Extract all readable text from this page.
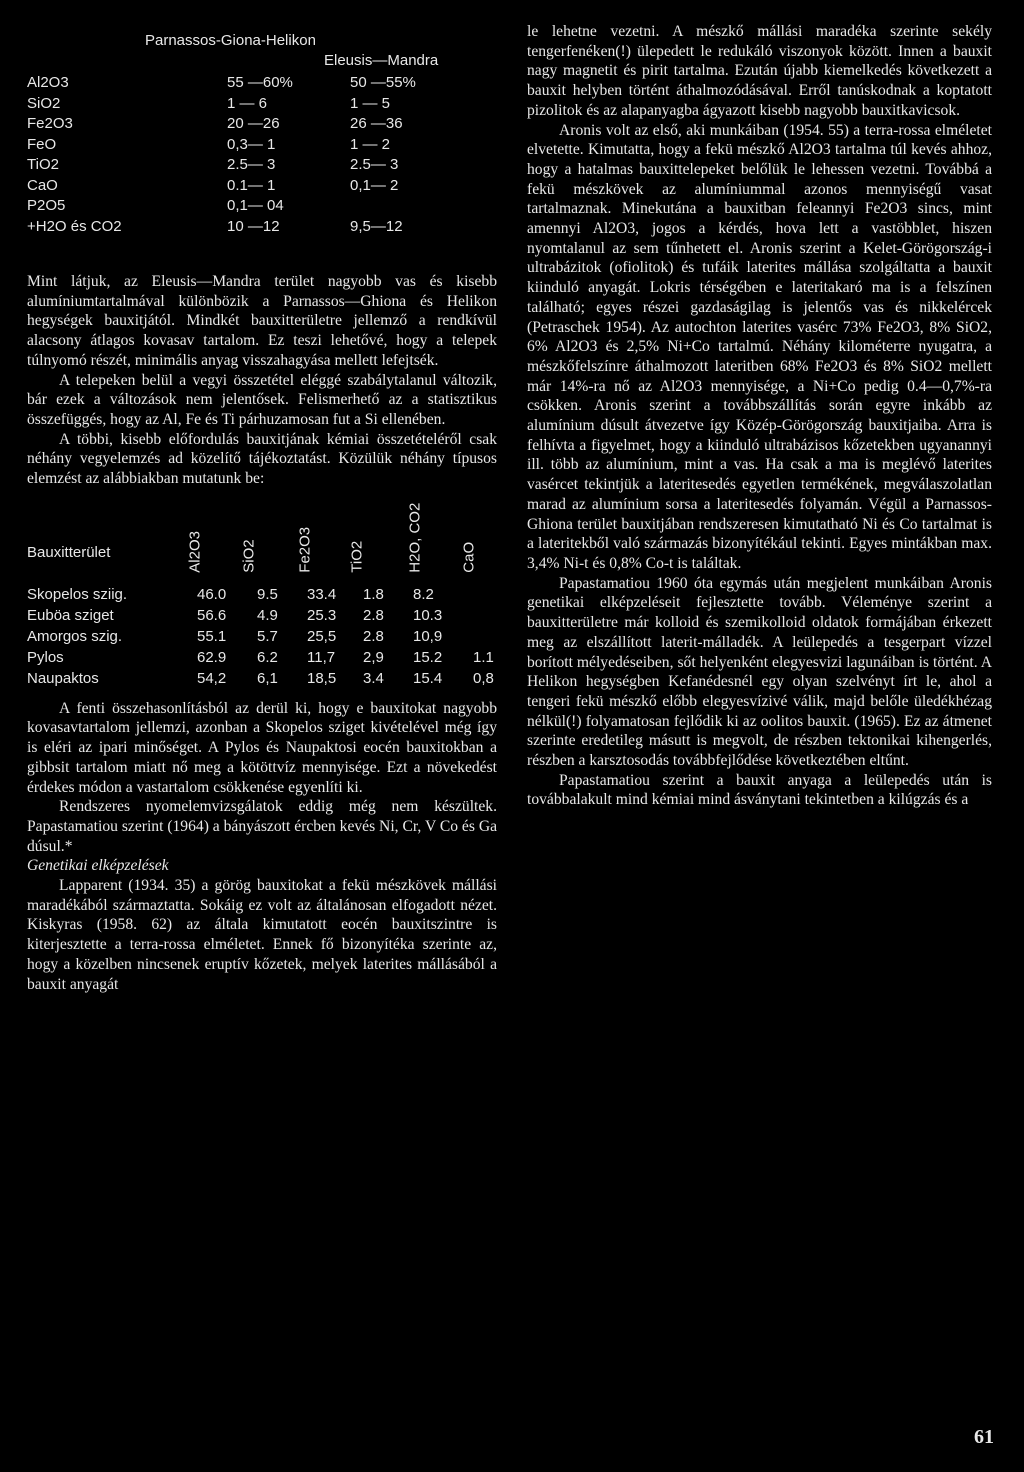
Parnassos-Giona-Helikon
Eleusis—Mandra
Al2O3	55 —60%	50 —55%
SiO2	1 — 6	1 — 5
Fe2O3	20 —26	26 —36
FeO	0,3— 1	1 — 2
TiO2	2.5— 3	2.5— 3
CaO	0.1— 1	0,1— 2
P2O5	0,1— 04
+H2O és CO2	10 —12	9,5—12

Mint látjuk, az Eleusis—Mandra terület nagyobb vas és kisebb alumíniumtartalmával különbözik a Parnassos—Ghiona és Helikon hegységek bauxitjától. Mindkét bauxitterületre jellemző a rendkívül alacsony átlagos kovasav tartalom. Ez teszi lehetővé, hogy a telepek túlnyomó részét, minimális anyag visszahagyása mellett lefejtsék.

A telepeken belül a vegyi összetétel eléggé szabálytalanul változik, bár ezek a változások nem jelentősek. Felismerhető az a statisztikus összefüggés, hogy az Al, Fe és Ti párhuzamosan fut a Si ellenében.

A többi, kisebb előfordulás bauxitjának kémiai összetételéről csak néhány vegyelemzés ad közelítő tájékoztatást. Közülük néhány típusos elemzést az alábbiakban mutatunk be:

Bauxitterület	Al2O3 SiO2	Fe2O3 TiO2	H2O, CO2 CaO
Skopelos sziig.	46.0 9.5 33.4 1.8 8.2
Euböa sziget	56.6 4.9 25.3 2.8 10.3
Amorgos szig.	55.1 5.7 25,5 2.8 10,9
Pylos	62.9 6.2 11,7 2,9 15.2 1.1
Naupaktos	54,2 6,1 18,5 3.4 15.4 0,8

A fenti összehasonlításból az derül ki, hogy e bauxitokat nagyobb kovasavtartalom jellemzi, azonban a Skopelos sziget kivételével még így is eléri az ipari minőséget. A Pylos és Naupaktosi eocén bauxitokban a gibbsit tartalom miatt nő meg a kötöttvíz mennyisége. Ezt a növekedést érdekes módon a vastartalom csökkenése egyenlíti ki.

Rendszeres nyomelemvizsgálatok eddig még nem készültek. Papastamatiou szerint (1964) a bányászott ércben kevés Ni, Cr, V Co és Ga dúsul.*

Genetikai elképzelések

Lapparent (1934. 35) a görög bauxitokat a fekü mészkövek mállási maradékából származtatta. Sokáig ez volt az általánosan elfogadott nézet. Kiskyras (1958. 62) az általa kimutatott eocén bauxitszintre is kiterjesztette a terra-rossa elméletet. Ennek fő bizonyítéka szerinte az, hogy a közelben nincsenek eruptív kőzetek, melyek laterites mállásából a bauxit anyagát

le lehetne vezetni. A mészkő mállási maradéka szerinte sekély tengerfenéken(!) ülepedett le redukáló viszonyok között. Innen a bauxit nagy magnetit és pirit tartalma. Ezután újabb kiemelkedés következett a bauxit helyben történt áthalmozódásával. Erről tanúskodnak a koptatott pizolitok és az alapanyagba ágyazott kisebb nagyobb bauxitkavicsok.

Aronis volt az első, aki munkáiban (1954. 55) a terra-rossa elméletet elvetette. Kimutatta, hogy a fekü mészkő Al2O3 tartalma túl kevés ahhoz, hogy a hatalmas bauxittelepeket belőlük le lehessen vezetni. Továbbá a fekü mészkövek az alumíniummal azonos mennyiségű vasat tartalmaznak. Minekutána a bauxitban feleannyi Fe2O3 sincs, mint amennyi Al2O3, jogos a kérdés, hova lett a vastöbblet, hiszen nyomtalanul az sem tűnhetett el. Aronis szerint a Kelet-Görögország-i ultrabázitok (ofiolitok) és tufáik laterites mállása szolgáltatta a bauxit kiinduló anyagát. Lokris térségében e lateritakaró ma is a felszínen található; egyes részei gazdaságilag is jelentős vas és nikkelércek (Petraschek 1954). Az autochton laterites vasérc 73% Fe2O3, 8% SiO2, 6% Al2O3 és 2,5% Ni+Co tartalmú. Néhány kilométerre nyugatra, a mészkőfelszínre áthalmozott lateritben 68% Fe2O3 és 8% SiO2 mellett már 14%-ra nő az Al2O3 mennyisége, a Ni+Co pedig 0.4—0,7%-ra csökken. Aronis szerint a továbbszállítás során egyre inkább az alumínium dúsult átvezetve így Közép-Görögország bauxitjaiba. Arra is felhívta a figyelmet, hogy a kiinduló ultrabázisos kőzetekben ugyanannyi ill. több az alumínium, mint a vas. Ha csak a ma is meglévő laterites vasércet tekintjük a lateritesedés egyetlen termékének, megválaszolatlan marad az alumínium sorsa a lateritesedés folyamán. Végül a Parnassos-Ghiona terület bauxitjában rendszeresen kimutatható Ni és Co tartalmat is a lateritekből való származás bizonyítékául tekinti. Egyes mintákban max. 3,4% Ni-t és 0,8% Co-t is találtak.

Papastamatiou 1960 óta egymás után megjelent munkáiban Aronis genetikai elképzeléseit fejlesztette tovább. Véleménye szerint a bauxitterületre már kolloid és szemikolloid oldatok formájában érkezett meg az elszállított laterit-málladék. A leülepedés a tesgerpart vízzel borított mélyedéseiben, sőt helyenként elegyesvizi lagunáiban is történt. A Helikon hegységben Kefanédesnél egy olyan szelvényt írt le, ahol a tengeri fekü mészkő előbb elegyesvízivé válik, majd belőle üledékhézag nélkül(!) folyamatosan fejlődik ki az oolitos bauxit. (1965). Ez az átmenet szerinte eredetileg másutt is megvolt, de részben tektonikai kihengerlés, részben a karsztosodás továbbfejlődése következtében eltűnt.

Papastamatiou szerint a bauxit anyaga a leülepedés után is továbbalakult mind kémiai mind ásványtani tekintetben a kilúgzás és a

61
